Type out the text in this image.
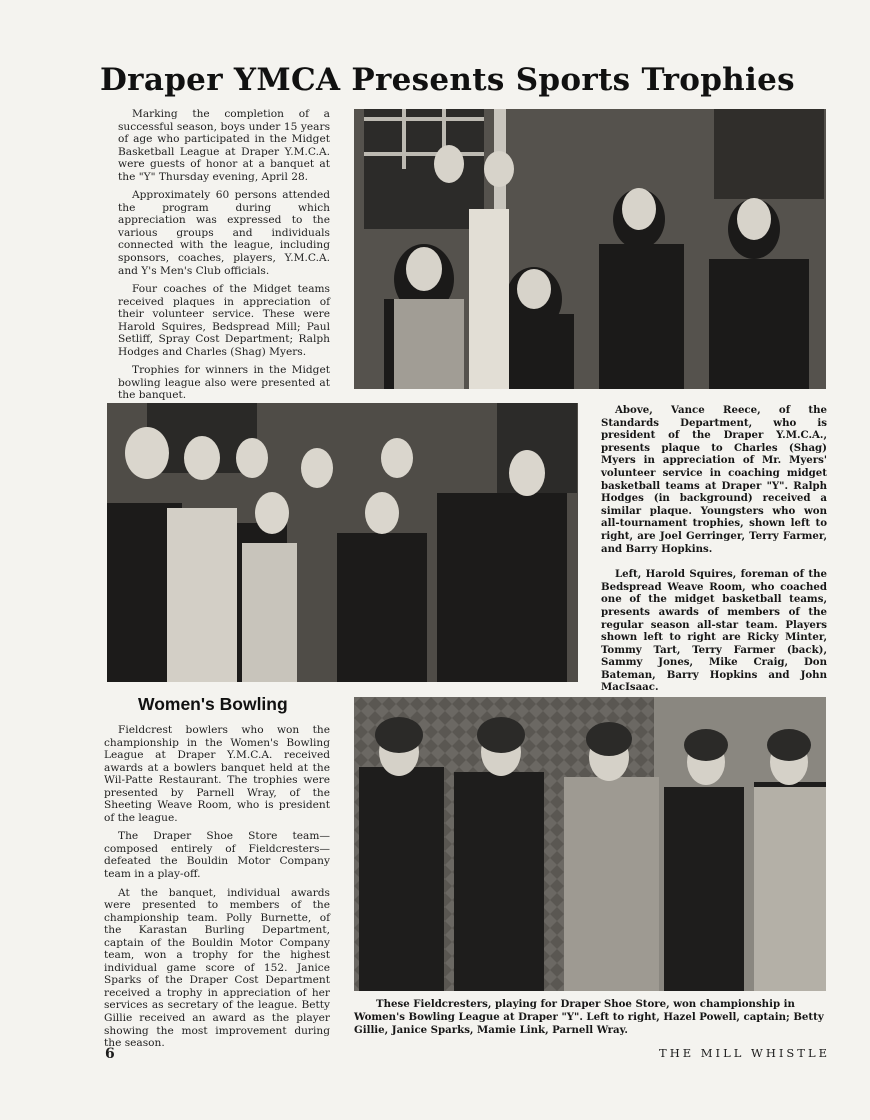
Draper YMCA Presents Sports Trophies

Marking the completion of a successful season, boys under 15 years of age who participated in the Midget Basketball League at Draper Y.M.C.A. were guests of honor at a banquet at the "Y" Thursday evening, April 28.

Approximately 60 persons attended the program during which appreciation was expressed to the various groups and individuals connected with the league, including sponsors, coaches, players, Y.M.C.A. and Y's Men's Club officials.

Four coaches of the Midget teams received plaques in appreciation of their volunteer service. These were Harold Squires, Bedspread Mill; Paul Setliff, Spray Cost Department; Ralph Hodges and Charles (Shag) Myers.

Trophies for winners in the Midget bowling league also were presented at the banquet.

Above, Vance Reece, of the Standards Department, who is president of the Draper Y.M.C.A., presents plaque to Charles (Shag) Myers in appreciation of Mr. Myers' volunteer service in coaching midget basketball teams at Draper "Y". Ralph Hodges (in background) received a similar plaque. Youngsters who won all-tournament trophies, shown left to right, are Joel Gerringer, Terry Farmer, and Barry Hopkins.

Left, Harold Squires, foreman of the Bedspread Weave Room, who coached one of the midget basketball teams, presents awards of members of the regular season all-star team. Players shown left to right are Ricky Minter, Tommy Tart, Terry Farmer (back), Sammy Jones, Mike Craig, Don Bateman, Barry Hopkins and John MacIsaac.

Women's Bowling

Fieldcrest bowlers who won the championship in the Women's Bowling League at Draper Y.M.C.A. received awards at a bowlers banquet held at the Wil-Patte Restaurant. The trophies were presented by Parnell Wray, of the Sheeting Weave Room, who is president of the league.

The Draper Shoe Store team—composed entirely of Fieldcresters—defeated the Bouldin Motor Company team in a play-off.

At the banquet, individual awards were presented to members of the championship team. Polly Burnette, of the Karastan Burling Department, captain of the Bouldin Motor Company team, won a trophy for the highest individual game score of 152. Janice Sparks of the Draper Cost Department received a trophy in appreciation of her services as secretary of the league. Betty Gillie received an award as the player showing the most improvement during the season.

These Fieldcresters, playing for Draper Shoe Store, won championship in Women's Bowling League at Draper "Y". Left to right, Hazel Powell, captain; Betty Gillie, Janice Sparks, Mamie Link, Parnell Wray.
6	THE MILL WHISTLE
